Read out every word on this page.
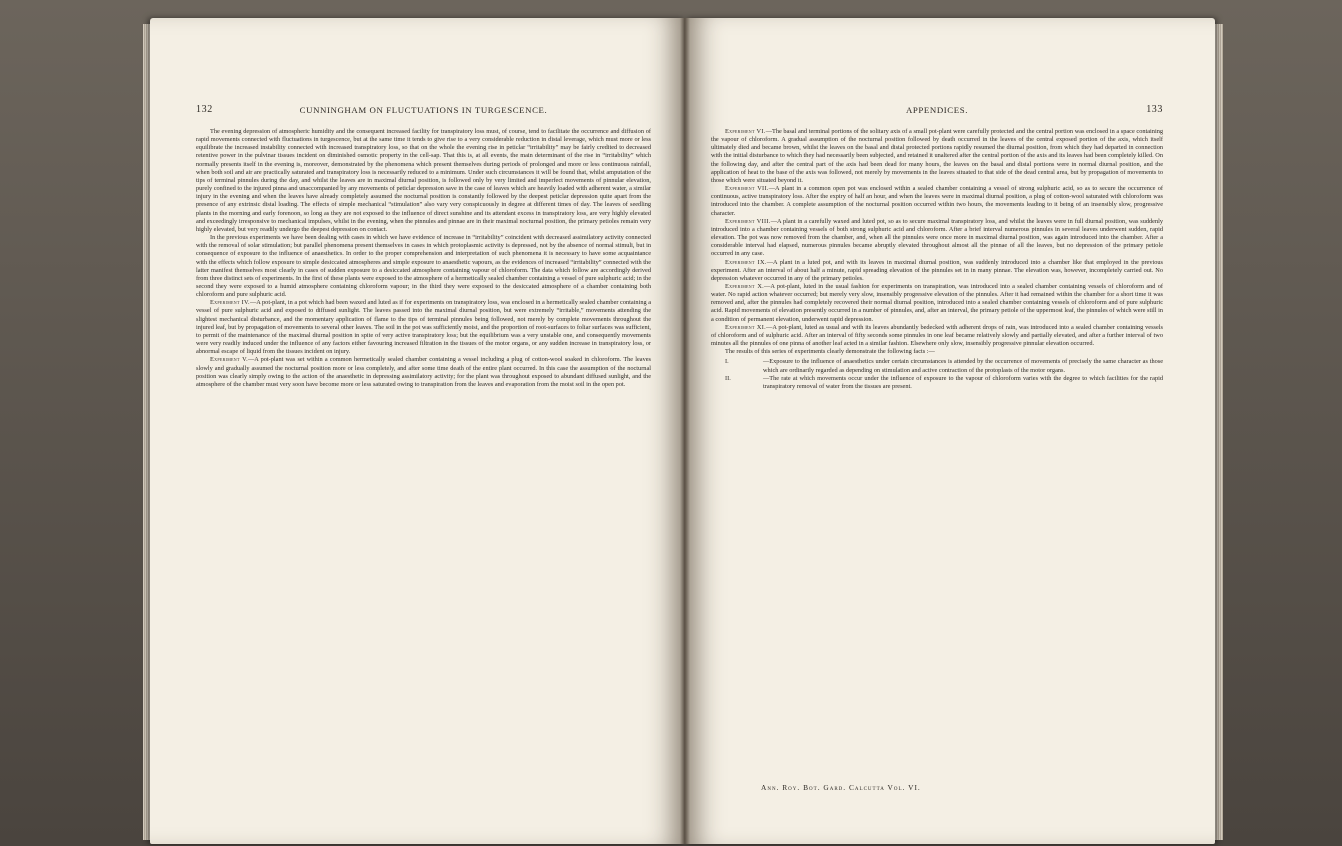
132	CUNNINGHAM ON FLUCTUATIONS IN TURGESCENCE.

The evening depression of atmospheric humidity and the consequent increased facility for transpiratory loss must, of course, tend to facilitate the occurrence and diffusion of rapid movements connected with fluctuations in turgescence, but at the same time it tends to give rise to a very considerable reduction in distal leverage, which must more or less equilibrate the increased instability connected with increased transpiratory loss, so that on the whole the evening rise in peticlar “irritability” may be fairly credited to decreased retentive power in the pulvinar tissues incident on diminished osmotic property in the cell-sap. That this is, at all events, the main determinant of the rise in “irritability” which normally presents itself in the evening is, moreover, demonstrated by the phenomena which present themselves during periods of prolonged and more or less continuous rainfall, when both soil and air are practically saturated and transpiratory loss is necessarily reduced to a minimum. Under such circumstances it will be found that, whilst amputation of the tips of terminal pinnules during the day, and whilst the leaves are in maximal diurnal position, is followed only by very limited and imperfect movements of pinnular elevation, purely confined to the injured pinna and unaccompanied by any movements of peticlar depression save in the case of leaves which are heavily loaded with adherent water, a similar injury in the evening and when the leaves have already completely assumed the nocturnal position is constantly followed by the deepest peticlar depression quite apart from the presence of any extrinsic distal loading. The effects of simple mechanical “stimulation” also vary very conspicuously in degree at different times of day. The leaves of seedling plants in the morning and early forenoon, so long as they are not exposed to the influence of direct sunshine and its attendant excess in transpiratory loss, are very highly elevated and exceedingly irresponsive to mechanical impulses, whilst in the evening, when the pinnules and pinnae are in their maximal nocturnal position, the primary petioles remain very highly elevated, but very readily undergo the deepest depression on contact.

In the previous experiments we have been dealing with cases in which we have evidence of increase in “irritability” coincident with decreased assimilatory activity connected with the removal of solar stimulation; but parallel phenomena present themselves in cases in which protoplasmic activity is depressed, not by the absence of normal stimuli, but in consequence of exposure to the influence of anaesthetics. In order to the proper comprehension and interpretation of such phenomena it is necessary to have some acquaintance with the effects which follow exposure to simple desiccated atmospheres and simple exposure to anaesthetic vapours, as the evidences of increased “irritability” connected with the latter manifest themselves most clearly in cases of sudden exposure to a desiccated atmosphere containing vapour of chloroform. The data which follow are accordingly derived from three distinct sets of experiments. In the first of these plants were exposed to the atmosphere of a hermetically sealed chamber containing a vessel of pure sulphuric acid; in the second they were exposed to a humid atmosphere containing chloroform vapour; in the third they were exposed to the desiccated atmosphere of a chamber containing both chloroform and pure sulphuric acid.

Experiment IV.—A pot-plant, in a pot which had been waxed and luted as if for experiments on transpiratory loss, was enclosed in a hermetically sealed chamber containing a vessel of pure sulphuric acid and exposed to diffused sunlight. The leaves passed into the maximal diurnal position, but were extremely “irritable,” movements attending the slightest mechanical disturbance, and the momentary application of flame to the tips of terminal pinnules being followed, not merely by complete movements throughout the injured leaf, but by propagation of movements to several other leaves. The soil in the pot was sufficiently moist, and the proportion of root-surfaces to foliar surfaces was sufficient, to permit of the maintenance of the maximal diurnal position in spite of very active transpiratory loss; but the equilibrium was a very unstable one, and consequently movements were very readily induced under the influence of any factors either favouring increased filtration in the tissues of the motor organs, or any sudden increase in transpiratory loss, or abnormal escape of liquid from the tissues incident on injury.

Experiment V.—A pot-plant was set within a common hermetically sealed chamber containing a vessel including a plug of cotton-wool soaked in chloroform. The leaves slowly and gradually assumed the nocturnal position more or less completely, and after some time death of the entire plant occurred. In this case the assumption of the nocturnal position was clearly simply owing to the action of the anaesthetic in depressing assimilatory activity; for the plant was throughout exposed to abundant diffused sunlight, and the atmosphere of the chamber must very soon have become more or less saturated owing to transpiration from the leaves and evaporation from the moist soil in the open pot.

APPENDICES.	133

Experiment VI.—The basal and terminal portions of the solitary axis of a small pot-plant were carefully protected and the central portion was enclosed in a space containing the vapour of chloroform. A gradual assumption of the nocturnal position followed by death occurred in the leaves of the central exposed portion of the axis, which itself ultimately died and became brown, whilst the leaves on the basal and distal protected portions rapidly resumed the diurnal position, from which they had departed in connection with the initial disturbance to which they had necessarily been subjected, and retained it unaltered after the central portion of the axis and its leaves had been completely killed. On the following day, and after the central part of the axis had been dead for many hours, the leaves on the basal and distal portions were in normal diurnal position, and the application of heat to the base of the axis was followed, not merely by movements in the leaves situated to that side of the dead central area, but by propagation of movements to those which were situated beyond it.

Experiment VII.—A plant in a common open pot was enclosed within a sealed chamber containing a vessel of strong sulphuric acid, so as to secure the occurrence of continuous, active transpiratory loss. After the expiry of half an hour, and when the leaves were in maximal diurnal position, a plug of cotton-wool saturated with chloroform was introduced into the chamber. A complete assumption of the nocturnal position occurred within two hours, the movements leading to it being of an insensibly slow, progressive character.

Experiment VIII.—A plant in a carefully waxed and luted pot, so as to secure maximal transpiratory loss, and whilst the leaves were in full diurnal position, was suddenly introduced into a chamber containing vessels of both strong sulphuric acid and chloroform. After a brief interval numerous pinnules in several leaves underwent sudden, rapid elevation. The pot was now removed from the chamber, and, when all the pinnules were once more in maximal diurnal position, was again introduced into the chamber. After a considerable interval had elapsed, numerous pinnules became abruptly elevated throughout almost all the pinnae of all the leaves, but no depression of the primary petiole occurred in any case.

Experiment IX.—A plant in a luted pot, and with its leaves in maximal diurnal position, was suddenly introduced into a chamber like that employed in the previous experiment. After an interval of about half a minute, rapid spreading elevation of the pinnules set in in many pinnae. The elevation was, however, incompletely carried out. No depression whatever occurred in any of the primary petioles.

Experiment X.—A pot-plant, luted in the usual fashion for experiments on transpiration, was introduced into a sealed chamber containing vessels of chloroform and of water. No rapid action whatever occurred; but merely very slow, insensibly progressive elevation of the pinnules. After it had remained within the chamber for a short time it was removed and, after the pinnules had completely recovered their normal diurnal position, introduced into a sealed chamber containing vessels of chloroform and of pure sulphuric acid. Rapid movements of elevation presently occurred in a number of pinnules, and, after an interval, the primary petiole of the uppermost leaf, the pinnules of which were still in a condition of permanent elevation, underwent rapid depression.

Experiment XI.—A pot-plant, luted as usual and with its leaves abundantly bedecked with adherent drops of rain, was introduced into a sealed chamber containing vessels of chloroform and of sulphuric acid. After an interval of fifty seconds some pinnules in one leaf became relatively slowly and partially elevated, and after a further interval of two minutes all the pinnules of one pinna of another leaf acted in a similar fashion. Elsewhere only slow, insensibly progressive pinnular elevation occurred.

The results of this series of experiments clearly demonstrate the following facts :—

I.	—Exposure to the influence of anaesthetics under certain circumstances is attended by the occurrence of movements of precisely the same character as those which are ordinarily regarded as depending on stimulation and active contraction of the protoplasts of the motor organs.
II.	—The rate at which movements occur under the influence of exposure to the vapour of chloroform varies with the degree to which facilities for the rapid transpiratory removal of water from the tissues are present.
Ann. Roy. Bot. Gard. Calcutta Vol. VI.
